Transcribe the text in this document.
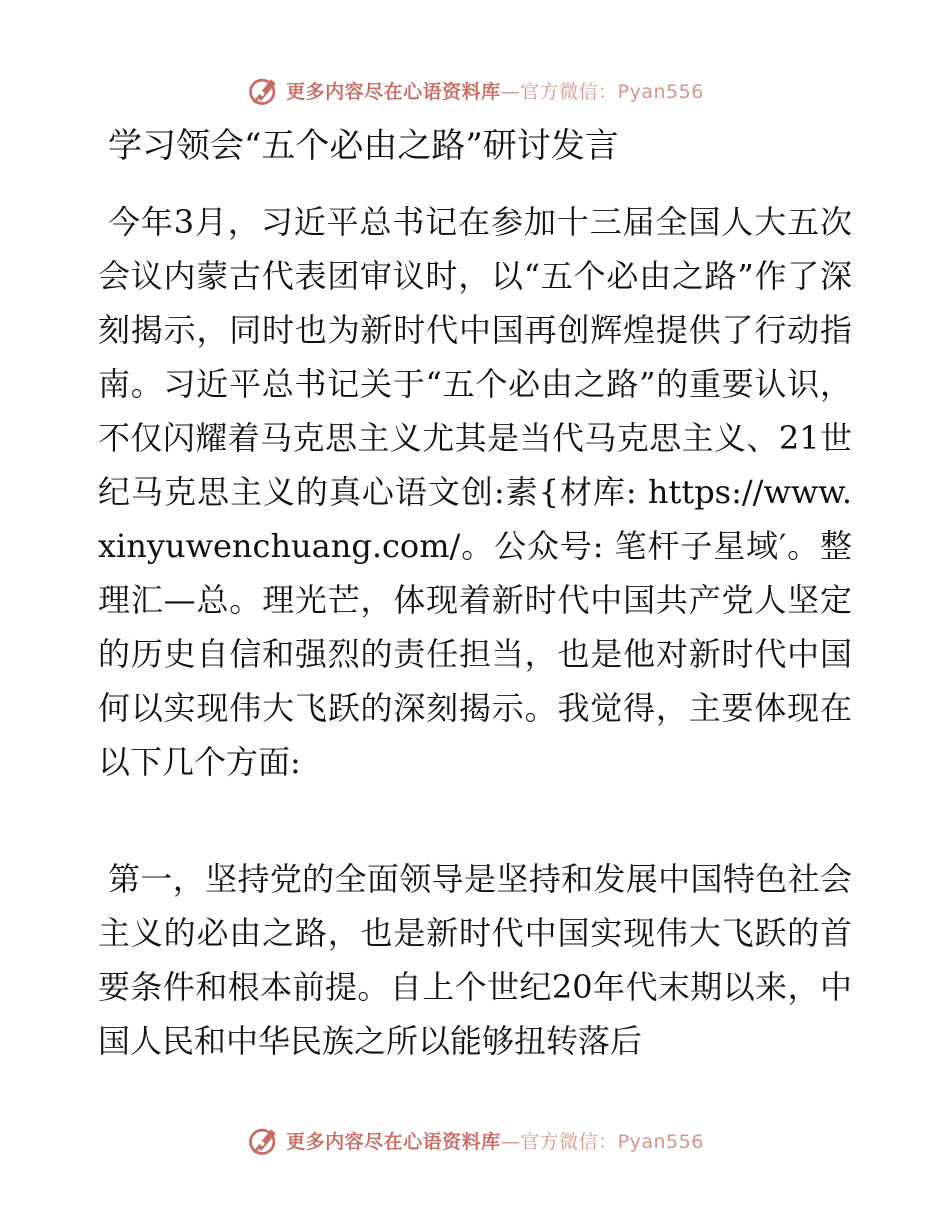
更多内容尽在心语资料库 —官方微信：Pyan556
学习领会“五个必由之路”研讨发言

今年3月，习近平总书记在参加十三届全国人大五次会议内蒙古代表团审议时，以“五个必由之路”作了深刻揭示，同时也为新时代中国再创辉煌提供了行动指南。习近平总书记关于“五个必由之路”的重要认识，不仅闪耀着马克思主义尤其是当代马克思主义、21世纪马克思主义的真心语文创:素{材库: https://www.xinyuwenchuang.com/。公众号: 笔杆子星域′。整理汇—总。理光芒，体现着新时代中国共产党人坚定的历史自信和强烈的责任担当，也是他对新时代中国何以实现伟大飞跃的深刻揭示。我觉得，主要体现在以下几个方面:

第一，坚持党的全面领导是坚持和发展中国特色社会主义的必由之路，也是新时代中国实现伟大飞跃的首要条件和根本前提。自上个世纪20年代末期以来，中国人民和中华民族之所以能够扭转落后

更多内容尽在心语资料库 —官方微信：Pyan556
